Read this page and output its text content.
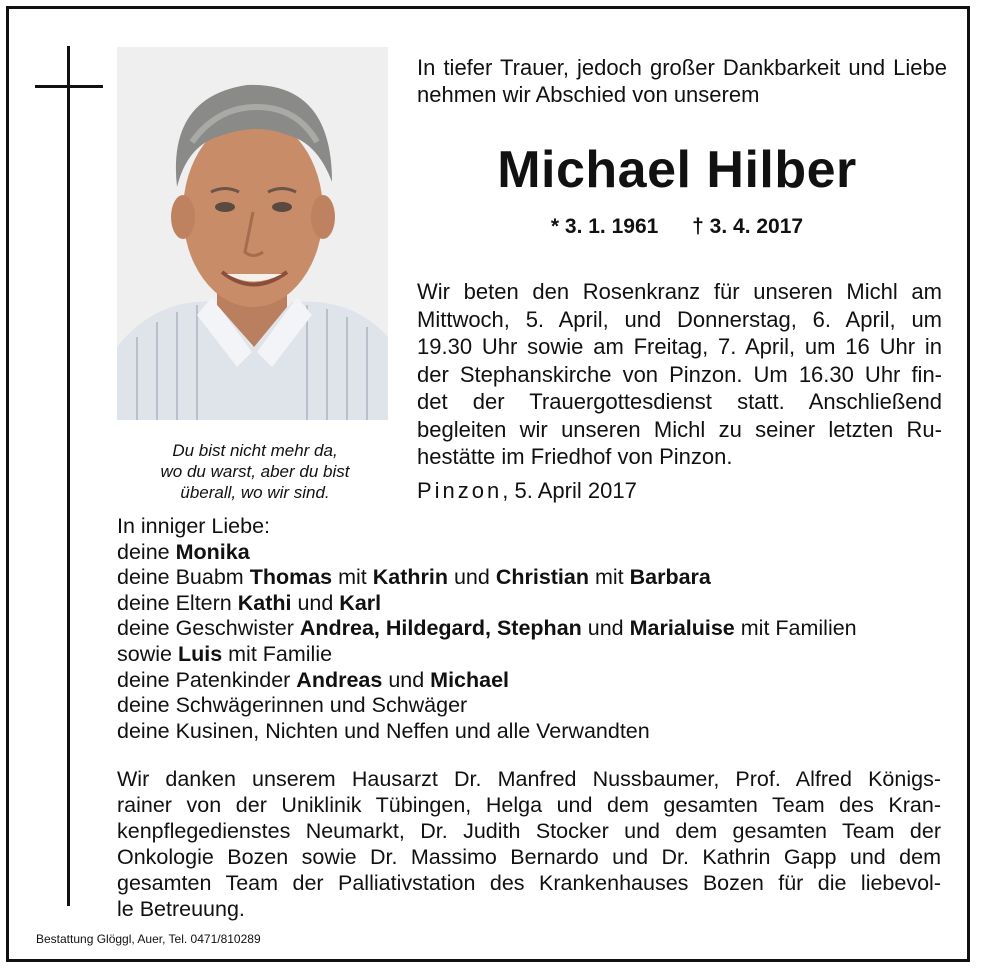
Du bist nicht mehr da,
wo du warst, aber du bist
überall, wo wir sind.
In tiefer Trauer, jedoch großer Dankbarkeit und Liebe nehmen wir Abschied von unserem
Michael Hilber
* 3. 1. 1961 † 3. 4. 2017
Wir beten den Rosenkranz für unseren Michl am
Mittwoch, 5. April, und Donnerstag, 6. April, um
19.30 Uhr sowie am Freitag, 7. April, um 16 Uhr in
der Stephanskirche von Pinzon. Um 16.30 Uhr fin-
det der Trauergottesdienst statt. Anschließend
begleiten wir unseren Michl zu seiner letzten Ru-
hestätte im Friedhof von Pinzon.
Pinzon, 5. April 2017
In inniger Liebe:
deine Monika
deine Buabm Thomas mit Kathrin und Christian mit Barbara
deine Eltern Kathi und Karl
deine Geschwister Andrea, Hildegard, Stephan und Marialuise mit Familien
sowie Luis mit Familie
deine Patenkinder Andreas und Michael
deine Schwägerinnen und Schwäger
deine Kusinen, Nichten und Neffen und alle Verwandten
Wir danken unserem Hausarzt Dr. Manfred Nussbaumer, Prof. Alfred Königs-
rainer von der Uniklinik Tübingen, Helga und dem gesamten Team des Kran-
kenpflegedienstes Neumarkt, Dr. Judith Stocker und dem gesamten Team der
Onkologie Bozen sowie Dr. Massimo Bernardo und Dr. Kathrin Gapp und dem
gesamten Team der Palliativstation des Krankenhauses Bozen für die liebevol-
le Betreuung.
Bestattung Glöggl, Auer, Tel. 0471/810289
